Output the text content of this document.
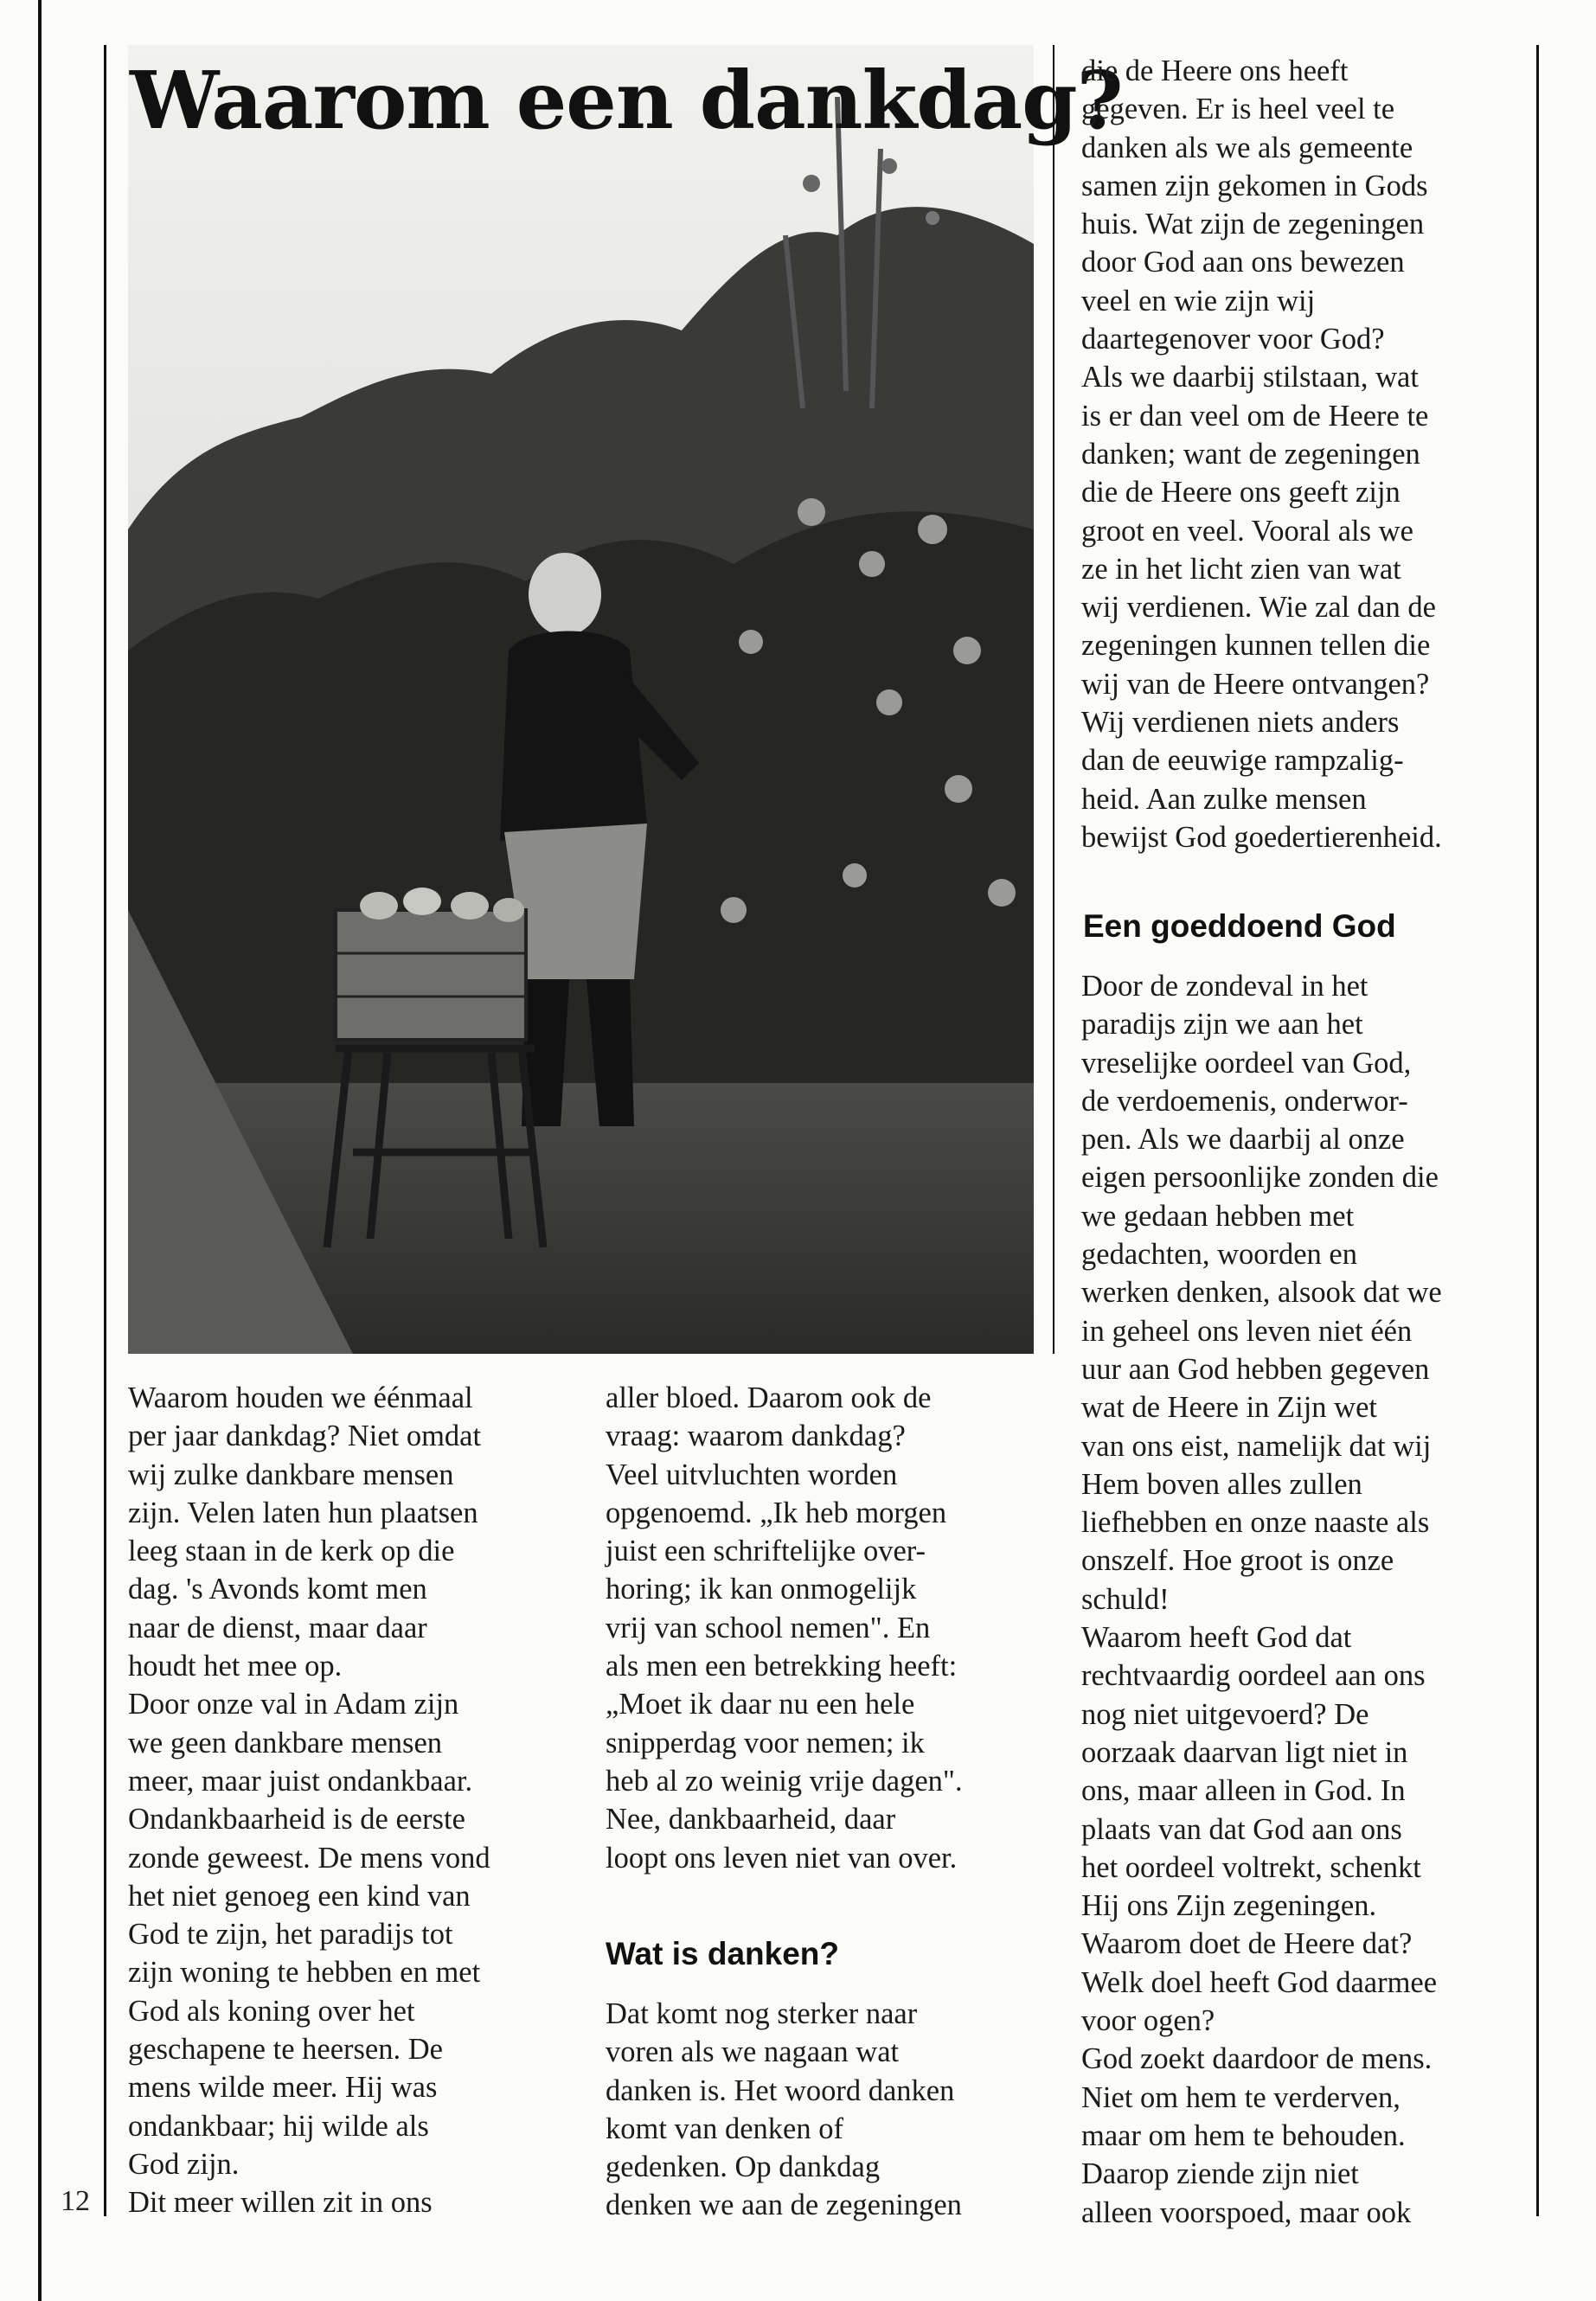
Waarom een dankdag?

Waarom houden we éénmaal

per jaar dankdag? Niet omdat

wij zulke dankbare mensen

zijn. Velen laten hun plaatsen

leeg staan in de kerk op die

dag. 's Avonds komt men

naar de dienst, maar daar

houdt het mee op.

Door onze val in Adam zijn

we geen dankbare mensen

meer, maar juist ondankbaar.

Ondankbaarheid is de eerste

zonde geweest. De mens vond

het niet genoeg een kind van

God te zijn, het paradijs tot

zijn woning te hebben en met

God als koning over het

geschapene te heersen. De

mens wilde meer. Hij was

ondankbaar; hij wilde als

God zijn.

Dit meer willen zit in ons

aller bloed. Daarom ook de

vraag: waarom dankdag?

Veel uitvluchten worden

opgenoemd. „Ik heb morgen

juist een schriftelijke over-

horing; ik kan onmogelijk

vrij van school nemen". En

als men een betrekking heeft:

„Moet ik daar nu een hele

snipperdag voor nemen; ik

heb al zo weinig vrije dagen".

Nee, dankbaarheid, daar

loopt ons leven niet van over.

Wat is danken?

Dat komt nog sterker naar

voren als we nagaan wat

danken is. Het woord danken

komt van denken of

gedenken. Op dankdag

denken we aan de zegeningen

die de Heere ons heeft

gegeven. Er is heel veel te

danken als we als gemeente

samen zijn gekomen in Gods

huis. Wat zijn de zegeningen

door God aan ons bewezen

veel en wie zijn wij

daartegenover voor God?

Als we daarbij stilstaan, wat

is er dan veel om de Heere te

danken; want de zegeningen

die de Heere ons geeft zijn

groot en veel. Vooral als we

ze in het licht zien van wat

wij verdienen. Wie zal dan de

zegeningen kunnen tellen die

wij van de Heere ontvangen?

Wij verdienen niets anders

dan de eeuwige rampzalig-

heid. Aan zulke mensen

bewijst God goedertierenheid.

Een goeddoend God

Door de zondeval in het

paradijs zijn we aan het

vreselijke oordeel van God,

de verdoemenis, onderwor-

pen. Als we daarbij al onze

eigen persoonlijke zonden die

we gedaan hebben met

gedachten, woorden en

werken denken, alsook dat we

in geheel ons leven niet één

uur aan God hebben gegeven

wat de Heere in Zijn wet

van ons eist, namelijk dat wij

Hem boven alles zullen

liefhebben en onze naaste als

onszelf. Hoe groot is onze

schuld!

Waarom heeft God dat

rechtvaardig oordeel aan ons

nog niet uitgevoerd? De

oorzaak daarvan ligt niet in

ons, maar alleen in God. In

plaats van dat God aan ons

het oordeel voltrekt, schenkt

Hij ons Zijn zegeningen.

Waarom doet de Heere dat?

Welk doel heeft God daarmee

voor ogen?

God zoekt daardoor de mens.

Niet om hem te verderven,

maar om hem te behouden.

Daarop ziende zijn niet

alleen voorspoed, maar ook

12
